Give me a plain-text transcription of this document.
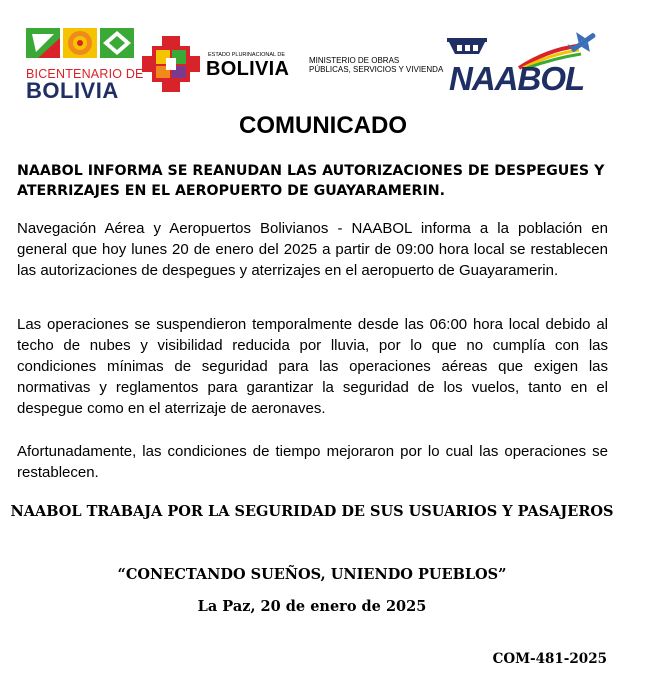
BICENTENARIO DE
BOLIVIA
ESTADO PLURINACIONAL DE
BOLIVIA MINISTERIO DE OBRAS
PÚBLICAS, SERVICIOS Y VIVIENDA NAABOL
COMUNICADO
NAABOL INFORMA SE REANUDAN LAS AUTORIZACIONES DE DESPEGUES Y ATERRIZAJES EN EL AEROPUERTO DE GUAYARAMERIN.
Navegación Aérea y Aeropuertos Bolivianos - NAABOL informa a la población en general que hoy lunes 20 de enero del 2025 a partir de 09:00 hora local se restablecen las autorizaciones de despegues y aterrizajes en el aeropuerto de Guayaramerin.
Las operaciones se suspendieron temporalmente desde las 06:00 hora local debido al techo de nubes y visibilidad reducida por lluvia, por lo que no cumplía con las condiciones mínimas de seguridad para las operaciones aéreas que exigen las normativas y reglamentos para garantizar la seguridad de los vuelos, tanto en el despegue como en el aterrizaje de aeronaves.
Afortunadamente, las condiciones de tiempo mejoraron por lo cual las operaciones se restablecen.
NAABOL TRABAJA POR LA SEGURIDAD DE SUS USUARIOS Y PASAJEROS
“CONECTANDO SUEÑOS, UNIENDO PUEBLOS”
La Paz, 20 de enero de 2025
COM-481-2025
